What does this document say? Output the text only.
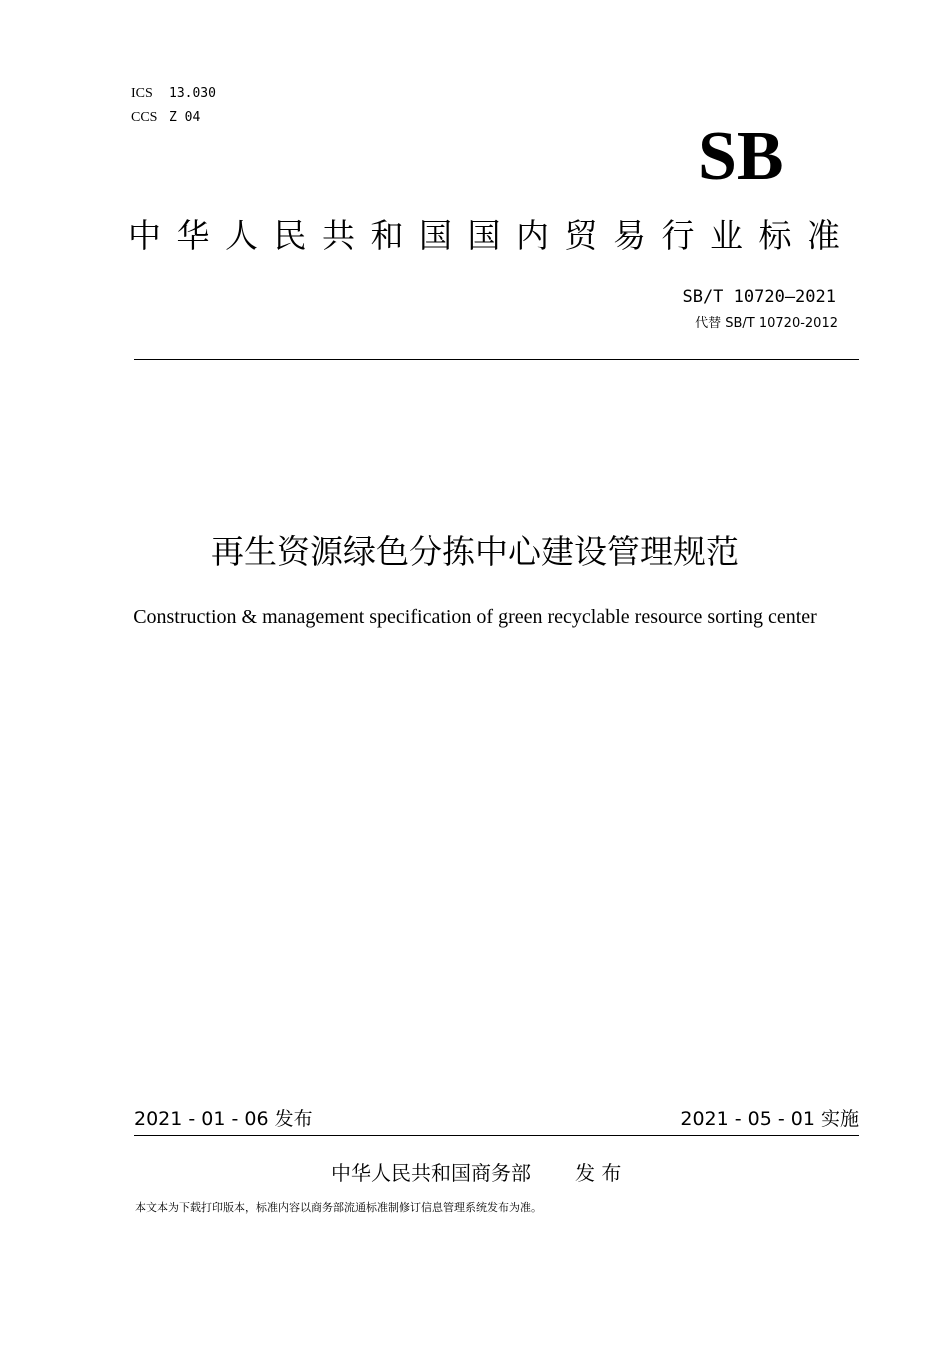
ICS 13.030
CCS Z 04
SB
中华人民共和国国内贸易行业标准
SB/T 10720—2021
代替 SB/T 10720-2012
再生资源绿色分拣中心建设管理规范
Construction & management specification of green recyclable resource sorting center
2021 - 01 - 06 发布	2021 - 05 - 01 实施
中华人民共和国商务部 发 布
本文本为下载打印版本，标准内容以商务部流通标准制修订信息管理系统发布为准。
